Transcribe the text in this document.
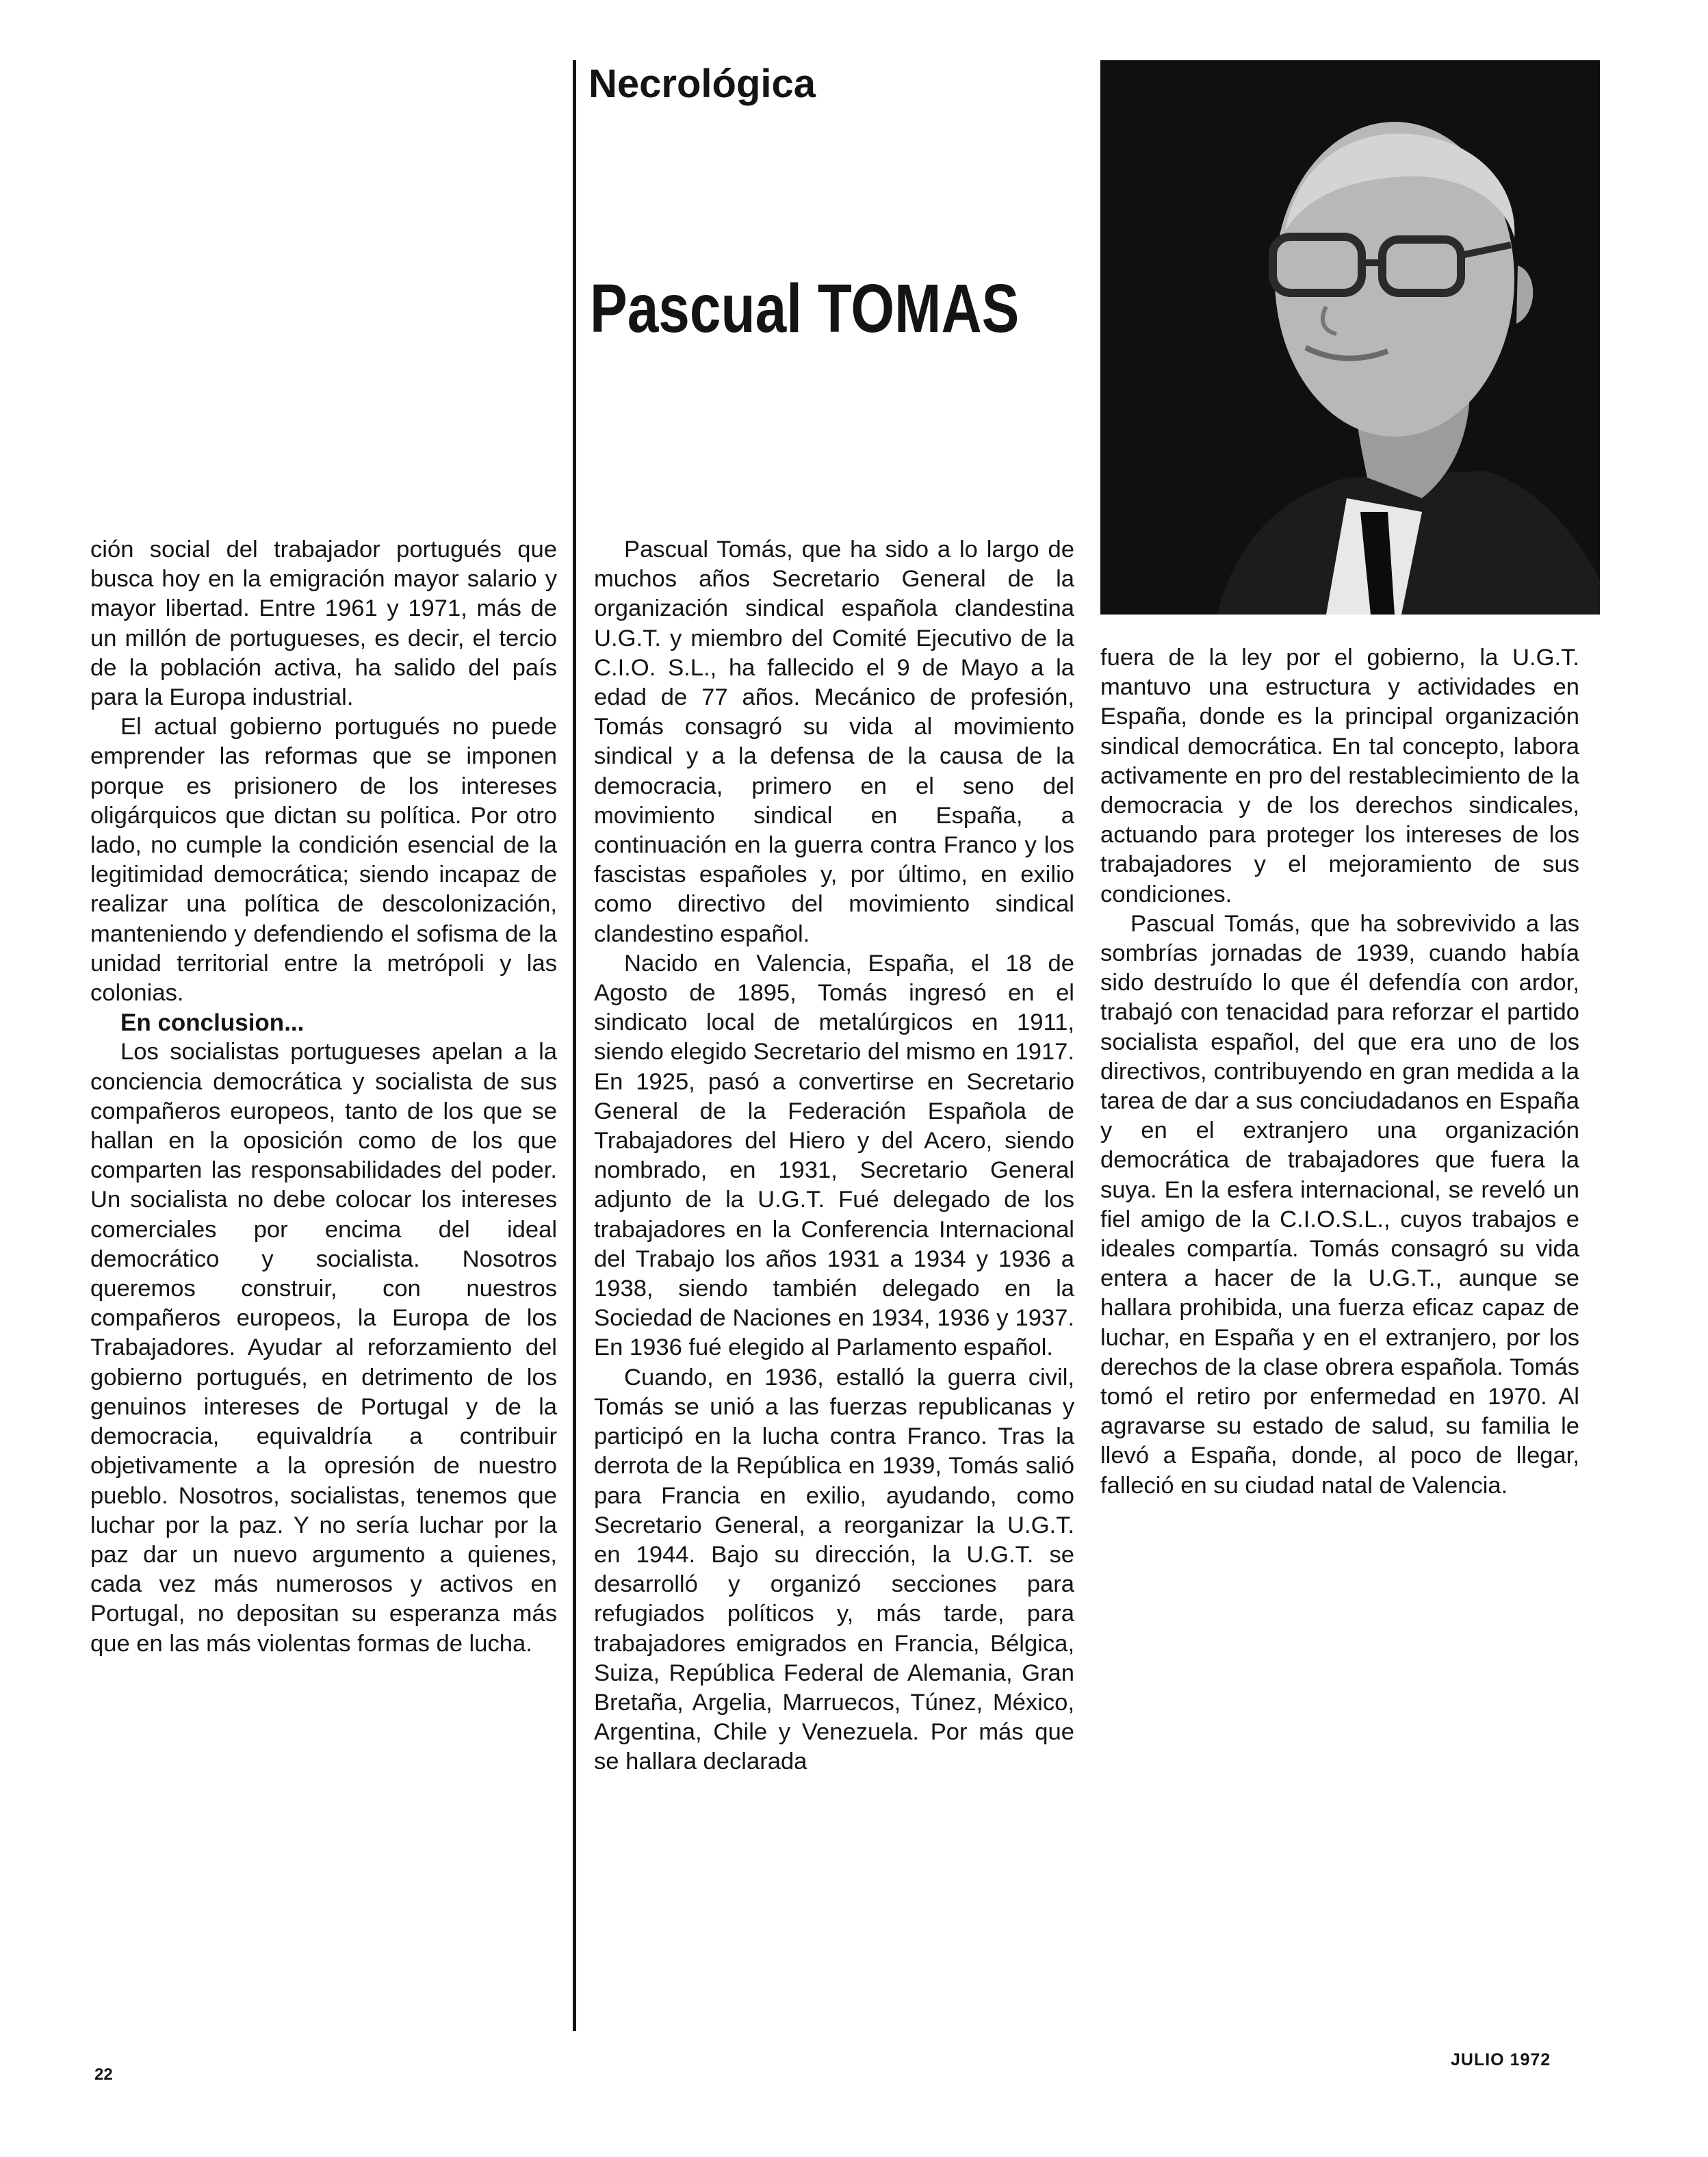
Necrológica
Pascual TOMAS

ción social del trabajador portugués que busca hoy en la emigración mayor salario y mayor libertad. Entre 1961 y 1971, más de un millón de portugueses, es decir, el tercio de la población activa, ha salido del país para la Europa industrial.

El actual gobierno portugués no puede emprender las reformas que se imponen porque es prisionero de los intereses oligárquicos que dictan su política. Por otro lado, no cumple la condición esencial de la legitimidad democrática; siendo incapaz de realizar una política de descolonización, manteniendo y defendiendo el sofisma de la unidad territorial entre la metrópoli y las colonias.

En conclusion...

Los socialistas portugueses apelan a la conciencia democrática y socialista de sus compañeros europeos, tanto de los que se hallan en la oposición como de los que comparten las responsabilidades del poder. Un socialista no debe colocar los intereses comerciales por encima del ideal democrático y socialista. Nosotros queremos construir, con nuestros compañeros europeos, la Europa de los Trabajadores. Ayudar al reforzamiento del gobierno portugués, en detrimento de los genuinos intereses de Portugal y de la democracia, equivaldría a contribuir objetivamente a la opresión de nuestro pueblo. Nosotros, socialistas, tenemos que luchar por la paz. Y no sería luchar por la paz dar un nuevo argumento a quienes, cada vez más numerosos y activos en Portugal, no depositan su esperanza más que en las más violentas formas de lucha.

Pascual Tomás, que ha sido a lo largo de muchos años Secretario General de la organización sindical española clandestina U.G.T. y miembro del Comité Ejecutivo de la C.I.O. S.L., ha fallecido el 9 de Mayo a la edad de 77 años. Mecánico de profesión, Tomás consagró su vida al movimiento sindical y a la defensa de la causa de la democracia, primero en el seno del movimiento sindical en España, a continuación en la guerra contra Franco y los fascistas españoles y, por último, en exilio como directivo del movimiento sindical clandestino español.

Nacido en Valencia, España, el 18 de Agosto de 1895, Tomás ingresó en el sindicato local de metalúrgicos en 1911, siendo elegido Secretario del mismo en 1917. En 1925, pasó a convertirse en Secretario General de la Federación Española de Trabajadores del Hiero y del Acero, siendo nombrado, en 1931, Secretario General adjunto de la U.G.T. Fué delegado de los trabajadores en la Conferencia Internacional del Trabajo los años 1931 a 1934 y 1936 a 1938, siendo también delegado en la Sociedad de Naciones en 1934, 1936 y 1937. En 1936 fué elegido al Parlamento español.

Cuando, en 1936, estalló la guerra civil, Tomás se unió a las fuerzas republicanas y participó en la lucha contra Franco. Tras la derrota de la República en 1939, Tomás salió para Francia en exilio, ayudando, como Secretario General, a reorganizar la U.G.T. en 1944. Bajo su dirección, la U.G.T. se desarrolló y organizó secciones para refugiados políticos y, más tarde, para trabajadores emigrados en Francia, Bélgica, Suiza, República Federal de Alemania, Gran Bretaña, Argelia, Marruecos, Túnez, México, Argentina, Chile y Venezuela. Por más que se hallara declarada

fuera de la ley por el gobierno, la U.G.T. mantuvo una estructura y actividades en España, donde es la principal organización sindical democrática. En tal concepto, labora activamente en pro del restablecimiento de la democracia y de los derechos sindicales, actuando para proteger los intereses de los trabajadores y el mejoramiento de sus condiciones.

Pascual Tomás, que ha sobrevivido a las sombrías jornadas de 1939, cuando había sido destruído lo que él defendía con ardor, trabajó con tenacidad para reforzar el partido socialista español, del que era uno de los directivos, contribuyendo en gran medida a la tarea de dar a sus conciudadanos en España y en el extranjero una organización democrática de trabajadores que fuera la suya. En la esfera internacional, se reveló un fiel amigo de la C.I.O.S.L., cuyos trabajos e ideales compartía. Tomás consagró su vida entera a hacer de la U.G.T., aunque se hallara prohibida, una fuerza eficaz capaz de luchar, en España y en el extranjero, por los derechos de la clase obrera española. Tomás tomó el retiro por enfermedad en 1970. Al agravarse su estado de salud, su familia le llevó a España, donde, al poco de llegar, falleció en su ciudad natal de Valencia.

22
JULIO 1972
